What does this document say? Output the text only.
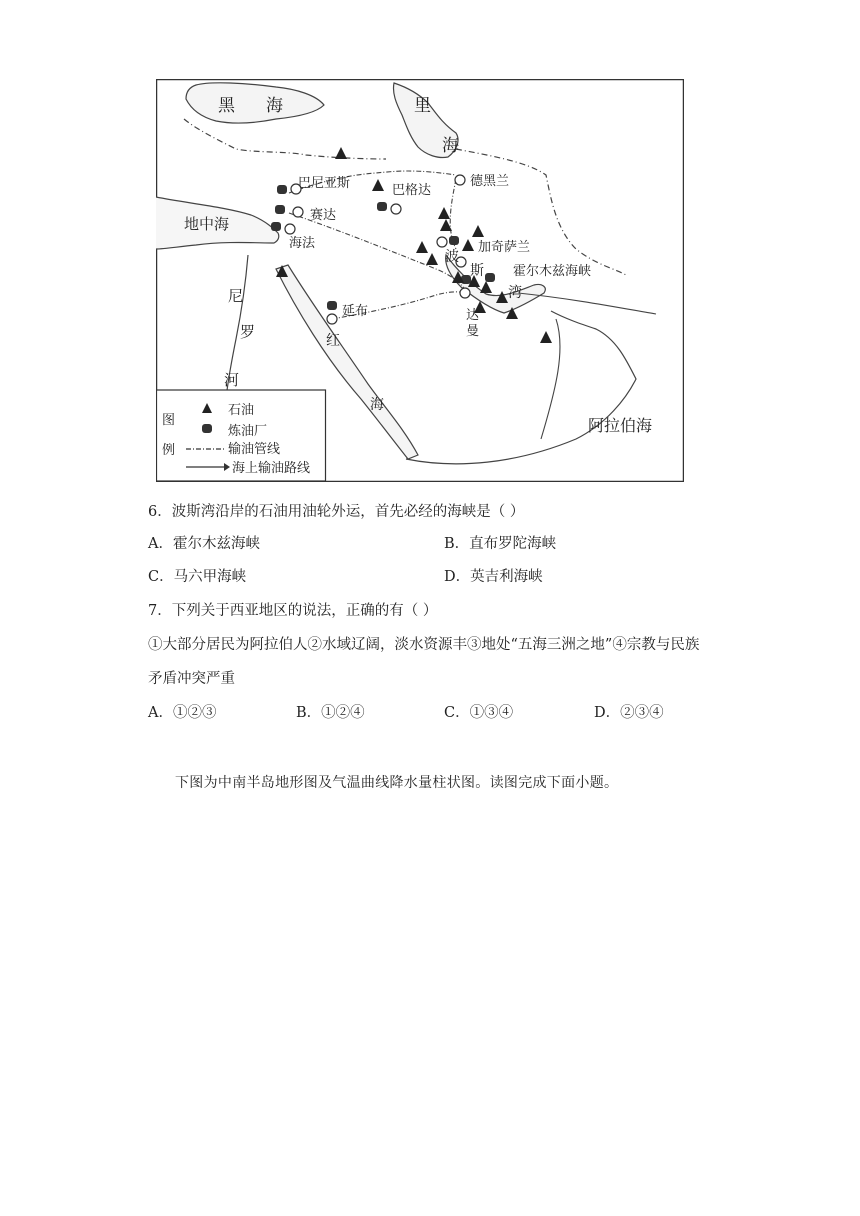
黑 海	里
海
地中海
尼
罗
河
红
海
阿拉伯海
波
斯
湾
巴尼亚斯	巴格达
德黑兰
赛达
海法	加奇萨兰
霍尔木兹海峡
延布	达
曼
图
例
石油
炼油厂
输油管线
海上输油路线
6．波斯湾沿岸的石油用油轮外运，首先必经的海峡是（ ）
A．霍尔木兹海峡	B．直布罗陀海峡
C．马六甲海峡	D．英吉利海峡
7．下列关于西亚地区的说法，正确的有（ ）
①大部分居民为阿拉伯人②水域辽阔，淡水资源丰③地处“五海三洲之地”④宗教与民族
矛盾冲突严重
A．①②③	B．①②④	C．①③④	D．②③④
下图为中南半岛地形图及气温曲线降水量柱状图。读图完成下面小题。
